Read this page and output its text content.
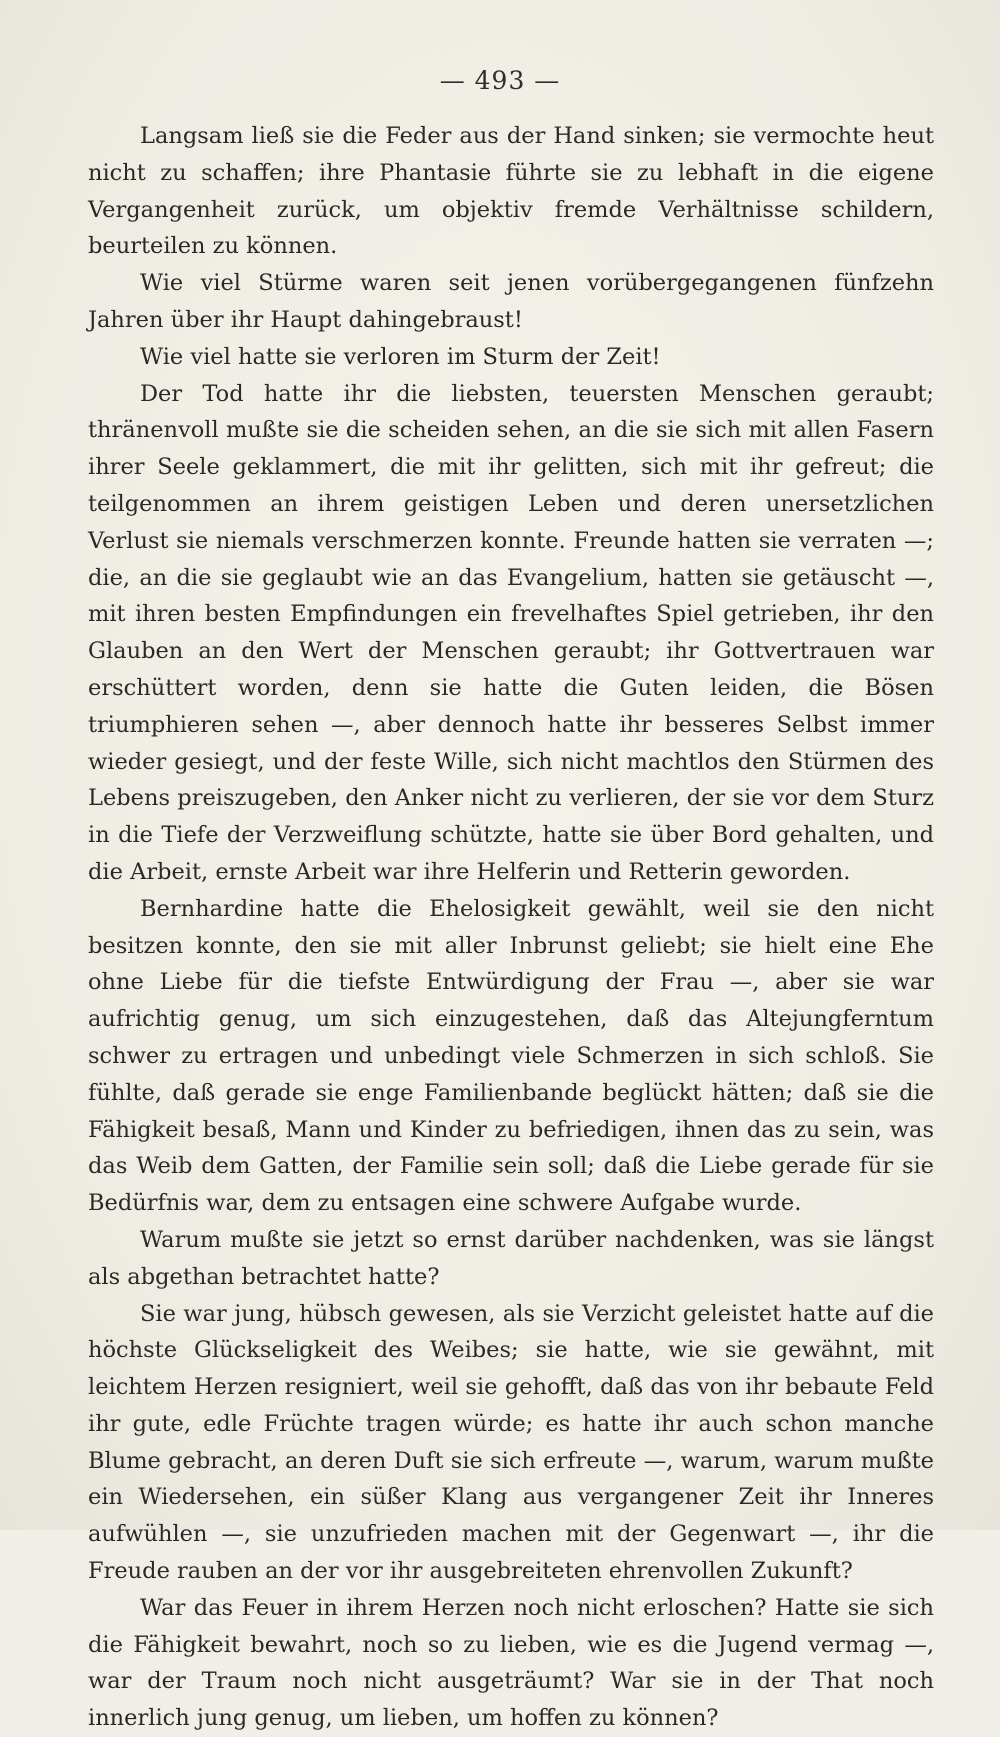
— 493 —

Langsam ließ sie die Feder aus der Hand sinken; sie vermochte heut nicht zu schaffen; ihre Phantasie führte sie zu lebhaft in die eigene Vergangenheit zurück, um objektiv fremde Verhältnisse schildern, beurteilen zu können.

Wie viel Stürme waren seit jenen vorübergegangenen fünfzehn Jahren über ihr Haupt dahingebraust!

Wie viel hatte sie verloren im Sturm der Zeit!

Der Tod hatte ihr die liebsten, teuersten Menschen geraubt; thränenvoll mußte sie die scheiden sehen, an die sie sich mit allen Fasern ihrer Seele geklammert, die mit ihr gelitten, sich mit ihr gefreut; die teilgenommen an ihrem geistigen Leben und deren unersetzlichen Verlust sie niemals verschmerzen konnte. Freunde hatten sie verraten —; die, an die sie geglaubt wie an das Evangelium, hatten sie getäuscht —, mit ihren besten Empfindungen ein frevelhaftes Spiel getrieben, ihr den Glauben an den Wert der Menschen geraubt; ihr Gottvertrauen war erschüttert worden, denn sie hatte die Guten leiden, die Bösen triumphieren sehen —, aber dennoch hatte ihr besseres Selbst immer wieder gesiegt, und der feste Wille, sich nicht machtlos den Stürmen des Lebens preiszugeben, den Anker nicht zu verlieren, der sie vor dem Sturz in die Tiefe der Verzweiflung schützte, hatte sie über Bord gehalten, und die Arbeit, ernste Arbeit war ihre Helferin und Retterin geworden.

Bernhardine hatte die Ehelosigkeit gewählt, weil sie den nicht besitzen konnte, den sie mit aller Inbrunst geliebt; sie hielt eine Ehe ohne Liebe für die tiefste Entwürdigung der Frau —, aber sie war aufrichtig genug, um sich einzugestehen, daß das Altejungferntum schwer zu ertragen und unbedingt viele Schmerzen in sich schloß. Sie fühlte, daß gerade sie enge Familienbande beglückt hätten; daß sie die Fähigkeit besaß, Mann und Kinder zu befriedigen, ihnen das zu sein, was das Weib dem Gatten, der Familie sein soll; daß die Liebe gerade für sie Bedürfnis war, dem zu entsagen eine schwere Aufgabe wurde.

Warum mußte sie jetzt so ernst darüber nachdenken, was sie längst als abgethan betrachtet hatte?

Sie war jung, hübsch gewesen, als sie Verzicht geleistet hatte auf die höchste Glückseligkeit des Weibes; sie hatte, wie sie gewähnt, mit leichtem Herzen resigniert, weil sie gehofft, daß das von ihr bebaute Feld ihr gute, edle Früchte tragen würde; es hatte ihr auch schon manche Blume gebracht, an deren Duft sie sich erfreute —, warum, warum mußte ein Wiedersehen, ein süßer Klang aus vergangener Zeit ihr Inneres aufwühlen —, sie unzufrieden machen mit der Gegenwart —, ihr die Freude rauben an der vor ihr ausgebreiteten ehrenvollen Zukunft?

War das Feuer in ihrem Herzen noch nicht erloschen? Hatte sie sich die Fähigkeit bewahrt, noch so zu lieben, wie es die Jugend vermag —, war der Traum noch nicht ausgeträumt? War sie in der That noch innerlich jung genug, um lieben, um hoffen zu können?
